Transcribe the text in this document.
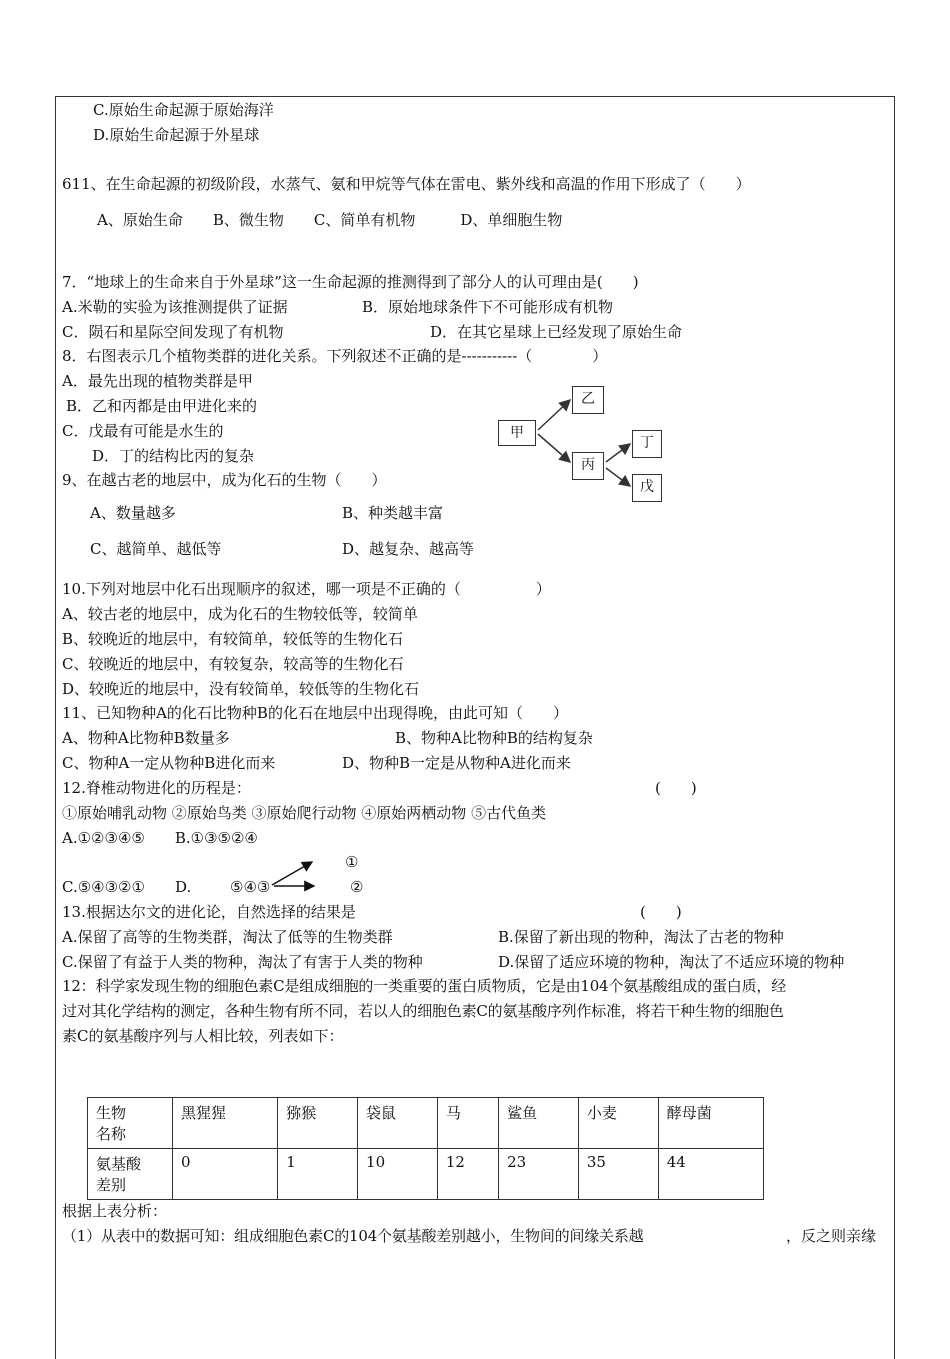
C.原始生命起源于原始海洋
D.原始生命起源于外星球
611、在生命起源的初级阶段，水蒸气、氨和甲烷等气体在雷电、紫外线和高温的作用下形成了（　　）
A、原始生命　　B、微生物　　C、简单有机物　　　D、单细胞生物
7．“地球上的生命来自于外星球”这一生命起源的推测得到了部分人的认可理由是(　　)
A.米勒的实验为该推测提供了证据	B．原始地球条件下不可能形成有机物
C．陨石和星际空间发现了有机物	D．在其它星球上已经发现了原始生命
8．右图表示几个植物类群的进化关系。下列叙述不正确的是-----------（　　　　）
A．最先出现的植物类群是甲
B．乙和丙都是由甲进化来的
C．戊最有可能是水生的
D．丁的结构比丙的复杂
甲
乙
丙
丁
戊
9、在越古老的地层中，成为化石的生物（　　）
A、数量越多	B、种类越丰富
C、越简单、越低等	D、越复杂、越高等
10.下列对地层中化石出现顺序的叙述，哪一项是不正确的（　　　　　）
A、较古老的地层中，成为化石的生物较低等，较简单
B、较晚近的地层中，有较简单，较低等的生物化石
C、较晚近的地层中，有较复杂，较高等的生物化石
D、较晚近的地层中，没有较简单，较低等的生物化石
11、已知物种A的化石比物种B的化石在地层中出现得晚，由此可知（　　）
A、物种A比物种B数量多	B、物种A比物种B的结构复杂
C、物种A一定从物种B进化而来	D、物种B一定是从物种A进化而来
12.脊椎动物进化的历程是：	(　　)
①原始哺乳动物 ②原始鸟类 ③原始爬行动物 ④原始两栖动物 ⑤古代鱼类
A.①②③④⑤　　B.①③⑤②④
①
C.⑤④③②①　　D.	⑤④③	②
13.根据达尔文的进化论，自然选择的结果是	(　　)
A.保留了高等的生物类群，淘汰了低等的生物类群	B.保留了新出现的物种，淘汰了古老的物种
C.保留了有益于人类的物种，淘汰了有害于人类的物种	D.保留了适应环境的物种，淘汰了不适应环境的物种
12：科学家发现生物的细胞色素C是组成细胞的一类重要的蛋白质物质，它是由104个氨基酸组成的蛋白质，经
过对其化学结构的测定，各种生物有所不同，若以人的细胞色素C的氨基酸序列作标准，将若干种生物的细胞色
素C的氨基酸序列与人相比较，列表如下：
生物
名称	黑猩猩	猕猴	袋鼠	马	鲨鱼	小麦	酵母菌
氨基酸
差别	0	1	10	12	23	35	44
根据上表分析：
（1）从表中的数据可知：组成细胞色素C的104个氨基酸差别越小，生物间的间缘关系越	，反之则亲缘
